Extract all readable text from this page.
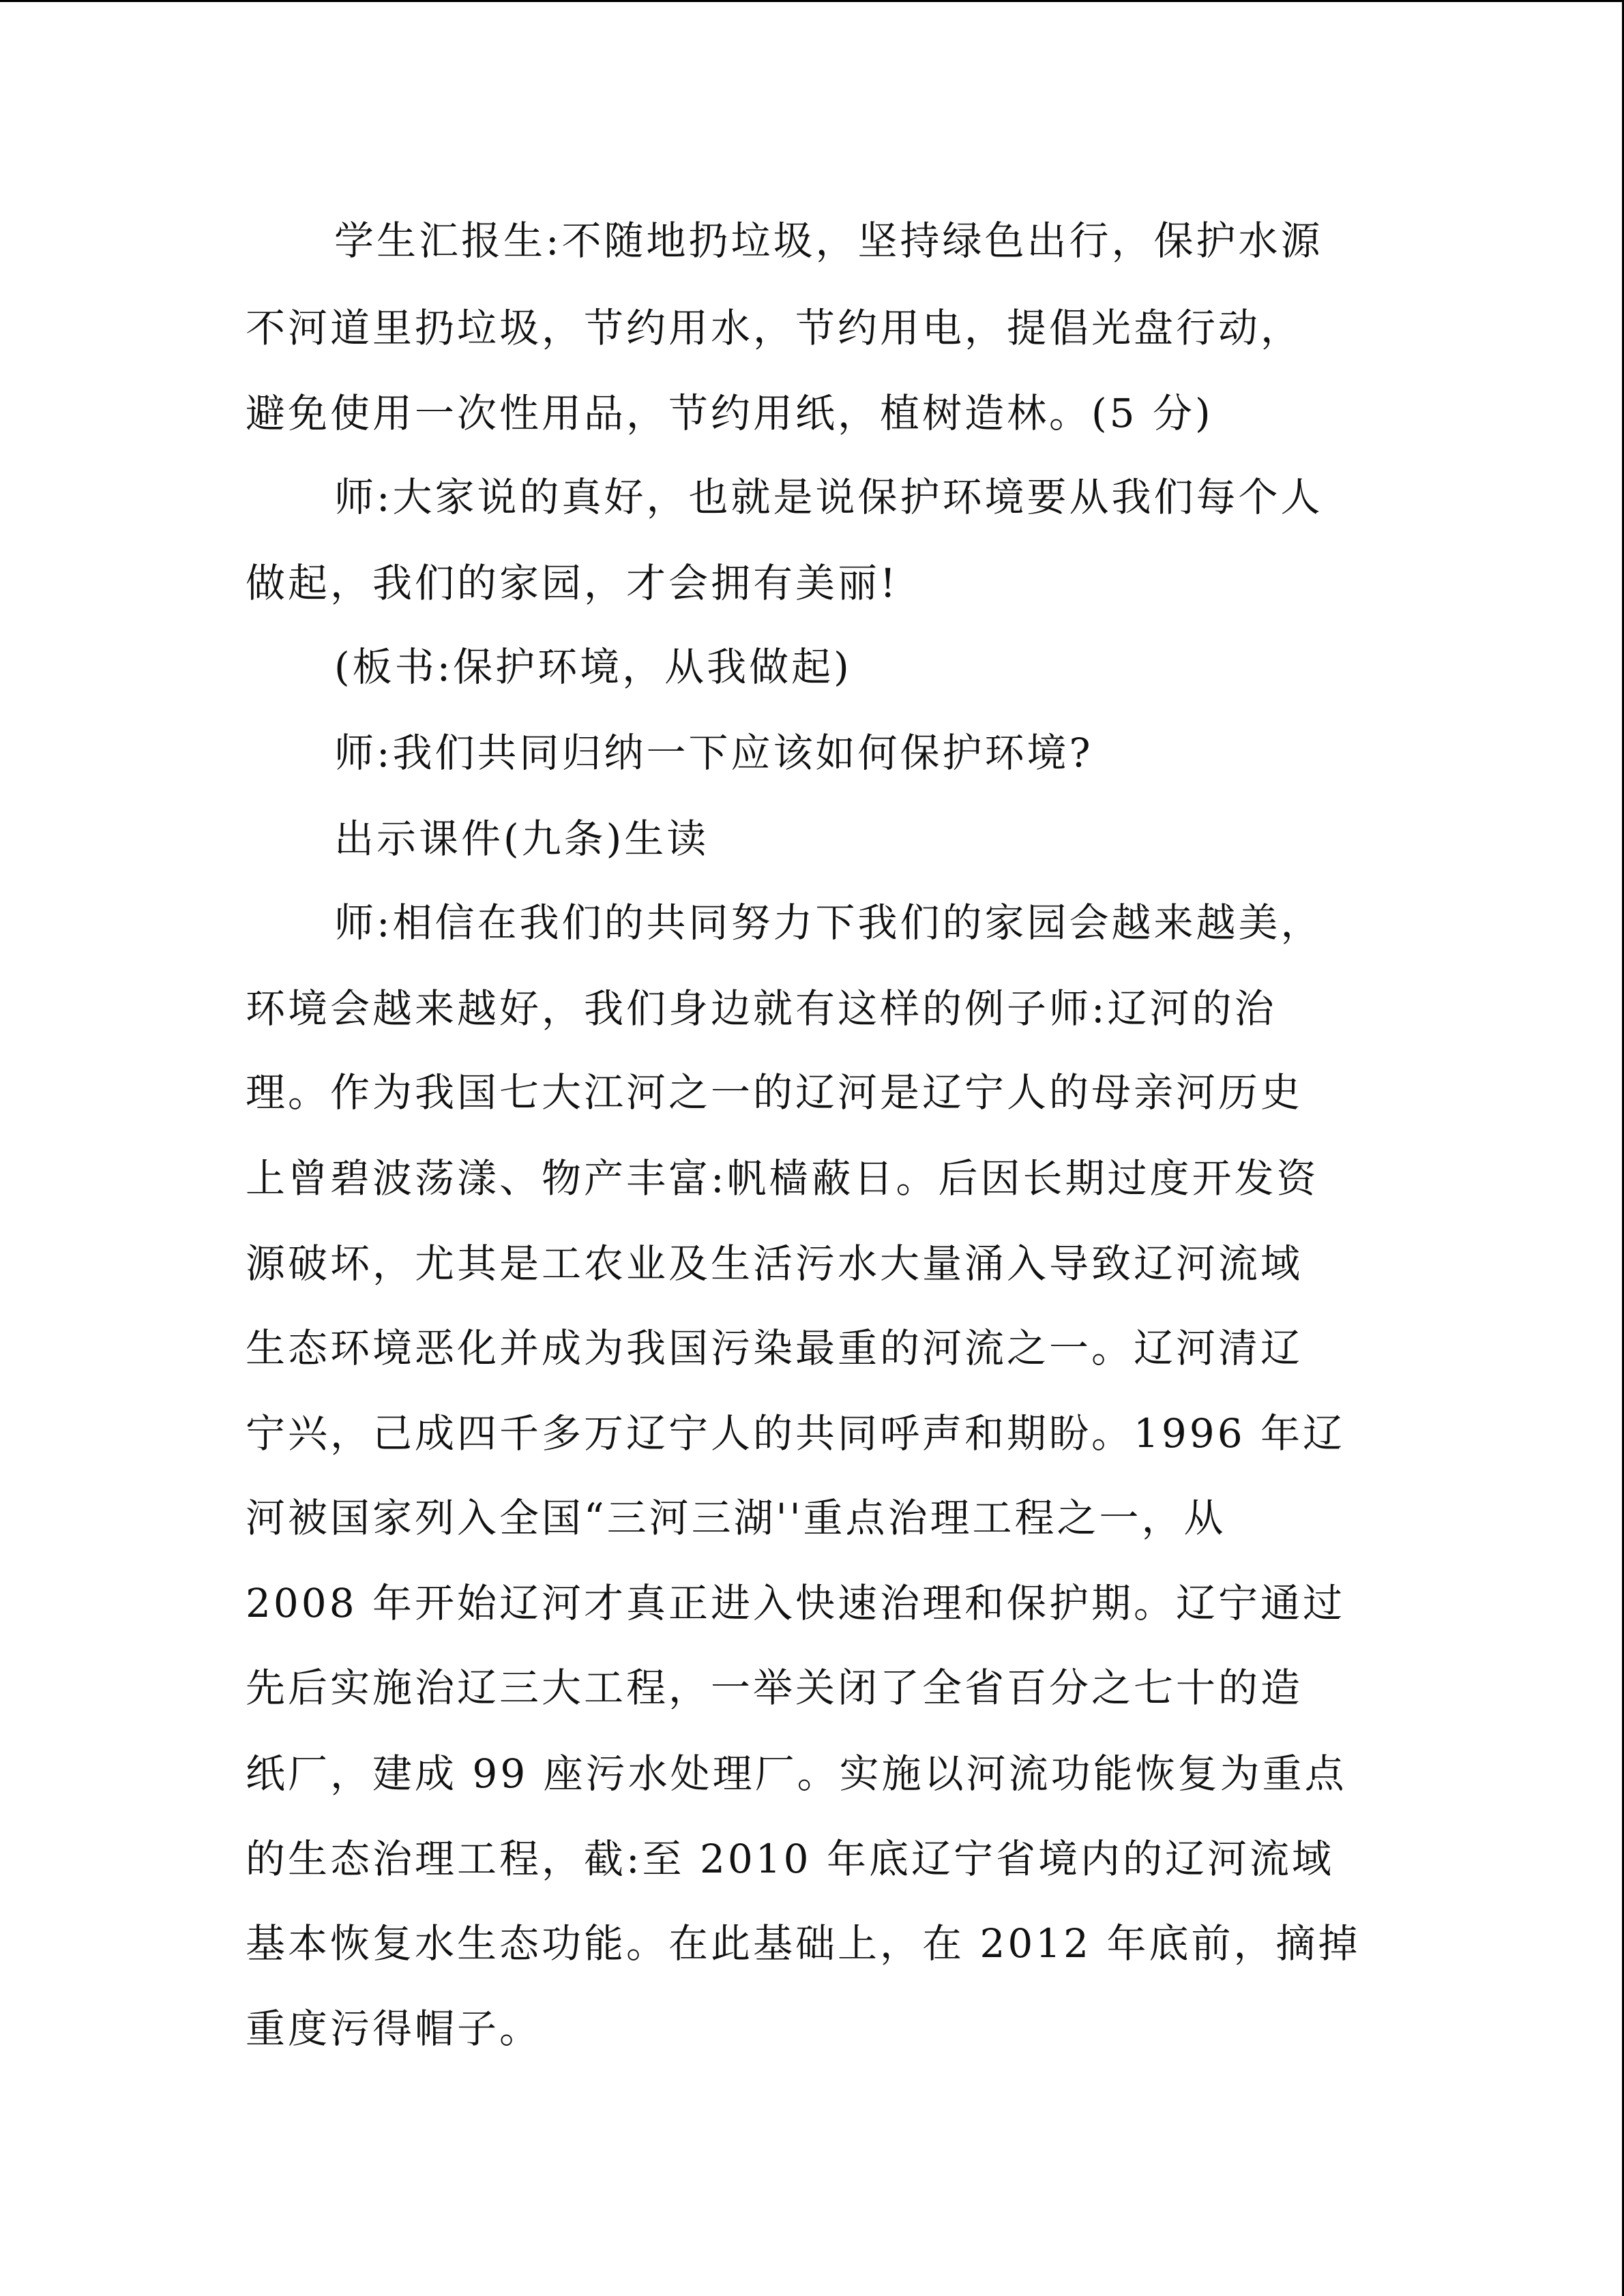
学生汇报生:不随地扔垃圾，坚持绿色出行，保护水源
不河道里扔垃圾，节约用水，节约用电，提倡光盘行动，
避免使用一次性用品，节约用纸，植树造林。(5 分)
师:大家说的真好，也就是说保护环境要从我们每个人
做起，我们的家园，才会拥有美丽!
(板书:保护环境，从我做起)
师:我们共同归纳一下应该如何保护环境?
出示课件(九条)生读
师:相信在我们的共同努力下我们的家园会越来越美，
环境会越来越好，我们身边就有这样的例子师:辽河的治
理。作为我国七大江河之一的辽河是辽宁人的母亲河历史
上曾碧波荡漾、物产丰富:帆樯蔽日。后因长期过度开发资
源破坏，尤其是工农业及生活污水大量涌入导致辽河流域
生态环境恶化并成为我国污染最重的河流之一。辽河清辽
宁兴，己成四千多万辽宁人的共同呼声和期盼。1996 年辽
河被国家列入全国“三河三湖''重点治理工程之一，从
2008 年开始辽河才真正进入快速治理和保护期。辽宁通过
先后实施治辽三大工程，一举关闭了全省百分之七十的造
纸厂，建成 99 座污水处理厂。实施以河流功能恢复为重点
的生态治理工程，截:至 2010 年底辽宁省境内的辽河流域
基本恢复水生态功能。在此基础上，在 2012 年底前，摘掉
重度污得帽子。
